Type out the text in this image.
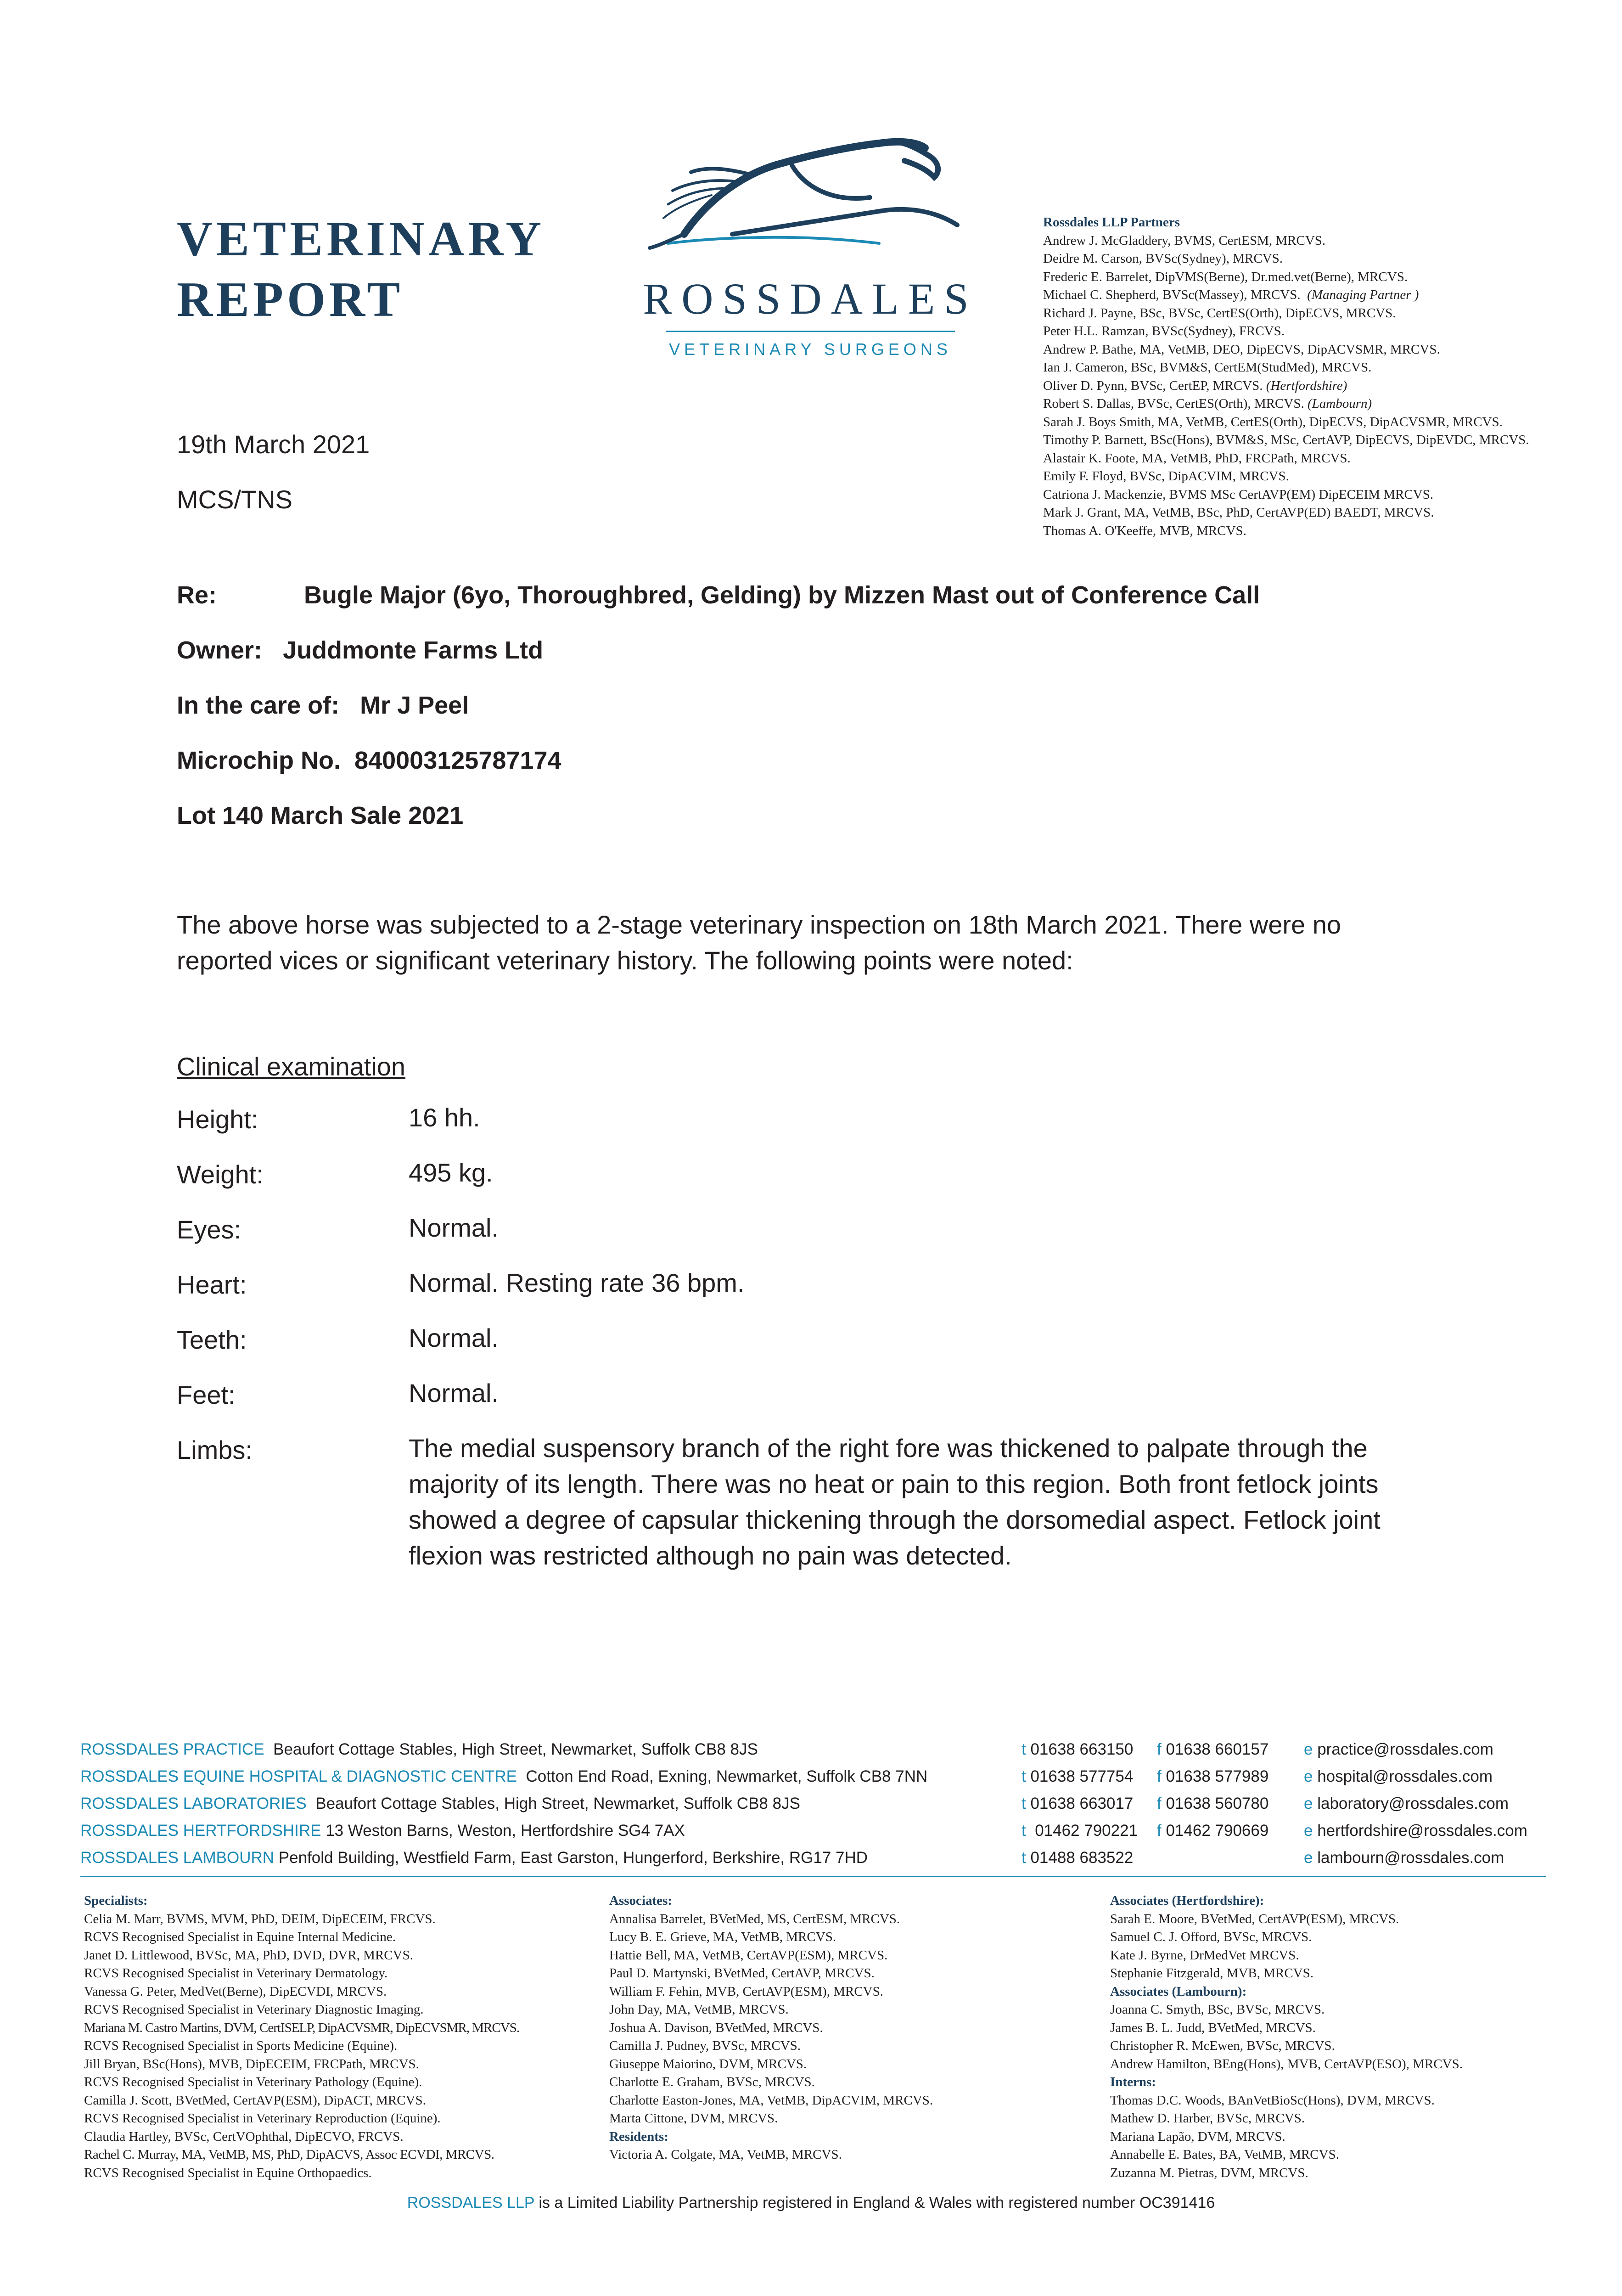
VETERINARY
REPORT	ROSSDALES
VETERINARY SURGEONS
Rossdales LLP Partners
Andrew J. McGladdery, BVMS, CertESM, MRCVS.
Deidre M. Carson, BVSc(Sydney), MRCVS.
Frederic E. Barrelet, DipVMS(Berne), Dr.med.vet(Berne), MRCVS.
Michael C. Shepherd, BVSc(Massey), MRCVS. (Managing Partner )
Richard J. Payne, BSc, BVSc, CertES(Orth), DipECVS, MRCVS.
Peter H.L. Ramzan, BVSc(Sydney), FRCVS.
Andrew P. Bathe, MA, VetMB, DEO, DipECVS, DipACVSMR, MRCVS.
Ian J. Cameron, BSc, BVM&S, CertEM(StudMed), MRCVS.
Oliver D. Pynn, BVSc, CertEP, MRCVS. (Hertfordshire)
Robert S. Dallas, BVSc, CertES(Orth), MRCVS. (Lambourn)
Sarah J. Boys Smith, MA, VetMB, CertES(Orth), DipECVS, DipACVSMR, MRCVS.
Timothy P. Barnett, BSc(Hons), BVM&S, MSc, CertAVP, DipECVS, DipEVDC, MRCVS.
Alastair K. Foote, MA, VetMB, PhD, FRCPath, MRCVS.
Emily F. Floyd, BVSc, DipACVIM, MRCVS.
Catriona J. Mackenzie, BVMS MSc CertAVP(EM) DipECEIM MRCVS.
Mark J. Grant, MA, VetMB, BSc, PhD, CertAVP(ED) BAEDT, MRCVS.
Thomas A. O'Keeffe, MVB, MRCVS.
19th March 2021
MCS/TNS
Re:	Bugle Major (6yo, Thoroughbred, Gelding) by Mizzen Mast out of Conference Call
Owner: Juddmonte Farms Ltd
In the care of: Mr J Peel
Microchip No. 840003125787174
Lot 140 March Sale 2021
The above horse was subjected to a 2-stage veterinary inspection on 18th March 2021. There were no reported vices or significant veterinary history. The following points were noted:
Clinical examination
Height:	16 hh.
Weight:	495 kg.
Eyes:	Normal.
Heart:	Normal. Resting rate 36 bpm.
Teeth:	Normal.
Feet:	Normal.
Limbs:	The medial suspensory branch of the right fore was thickened to palpate through the majority of its length. There was no heat or pain to this region. Both front fetlock joints showed a degree of capsular thickening through the dorsomedial aspect. Fetlock joint flexion was restricted although no pain was detected.
ROSSDALES PRACTICE Beaufort Cottage Stables, High Street, Newmarket, Suffolk CB8 8JS	t 01638 663150 f 01638 660157 e practice@rossdales.com
ROSSDALES EQUINE HOSPITAL & DIAGNOSTIC CENTRE Cotton End Road, Exning, Newmarket, Suffolk CB8 7NN	t 01638 577754 f 01638 577989 e hospital@rossdales.com
ROSSDALES LABORATORIES Beaufort Cottage Stables, High Street, Newmarket, Suffolk CB8 8JS	t 01638 663017 f 01638 560780 e laboratory@rossdales.com
ROSSDALES HERTFORDSHIRE 13 Weston Barns, Weston, Hertfordshire SG4 7AX	t 01462 790221 f 01462 790669 e hertfordshire@rossdales.com
ROSSDALES LAMBOURN Penfold Building, Westfield Farm, East Garston, Hungerford, Berkshire, RG17 7HD	t 01488 683522	e lambourn@rossdales.com
Specialists:
Celia M. Marr, BVMS, MVM, PhD, DEIM, DipECEIM, FRCVS.
RCVS Recognised Specialist in Equine Internal Medicine.
Janet D. Littlewood, BVSc, MA, PhD, DVD, DVR, MRCVS.
RCVS Recognised Specialist in Veterinary Dermatology.
Vanessa G. Peter, MedVet(Berne), DipECVDI, MRCVS.
RCVS Recognised Specialist in Veterinary Diagnostic Imaging.
Mariana M. Castro Martins, DVM, CertISELP, DipACVSMR, DipECVSMR, MRCVS.
RCVS Recognised Specialist in Sports Medicine (Equine).
Jill Bryan, BSc(Hons), MVB, DipECEIM, FRCPath, MRCVS.
RCVS Recognised Specialist in Veterinary Pathology (Equine).
Camilla J. Scott, BVetMed, CertAVP(ESM), DipACT, MRCVS.
RCVS Recognised Specialist in Veterinary Reproduction (Equine).
Claudia Hartley, BVSc, CertVOphthal, DipECVO, FRCVS.
Rachel C. Murray, MA, VetMB, MS, PhD, DipACVS, Assoc ECVDI, MRCVS.
RCVS Recognised Specialist in Equine Orthopaedics.
Associates:
Annalisa Barrelet, BVetMed, MS, CertESM, MRCVS.
Lucy B. E. Grieve, MA, VetMB, MRCVS.
Hattie Bell, MA, VetMB, CertAVP(ESM), MRCVS.
Paul D. Martynski, BVetMed, CertAVP, MRCVS.
William F. Fehin, MVB, CertAVP(ESM), MRCVS.
John Day, MA, VetMB, MRCVS.
Joshua A. Davison, BVetMed, MRCVS.
Camilla J. Pudney, BVSc, MRCVS.
Giuseppe Maiorino, DVM, MRCVS.
Charlotte E. Graham, BVSc, MRCVS.
Charlotte Easton-Jones, MA, VetMB, DipACVIM, MRCVS.
Marta Cittone, DVM, MRCVS.
Residents:
Victoria A. Colgate, MA, VetMB, MRCVS.
Associates (Hertfordshire):
Sarah E. Moore, BVetMed, CertAVP(ESM), MRCVS.
Samuel C. J. Offord, BVSc, MRCVS.
Kate J. Byrne, DrMedVet MRCVS.
Stephanie Fitzgerald, MVB, MRCVS.
Associates (Lambourn):
Joanna C. Smyth, BSc, BVSc, MRCVS.
James B. L. Judd, BVetMed, MRCVS.
Christopher R. McEwen, BVSc, MRCVS.
Andrew Hamilton, BEng(Hons), MVB, CertAVP(ESO), MRCVS.
Interns:
Thomas D.C. Woods, BAnVetBioSc(Hons), DVM, MRCVS.
Mathew D. Harber, BVSc, MRCVS.
Mariana Lapão, DVM, MRCVS.
Annabelle E. Bates, BA, VetMB, MRCVS.
Zuzanna M. Pietras, DVM, MRCVS.
ROSSDALES LLP is a Limited Liability Partnership registered in England & Wales with registered number OC391416
